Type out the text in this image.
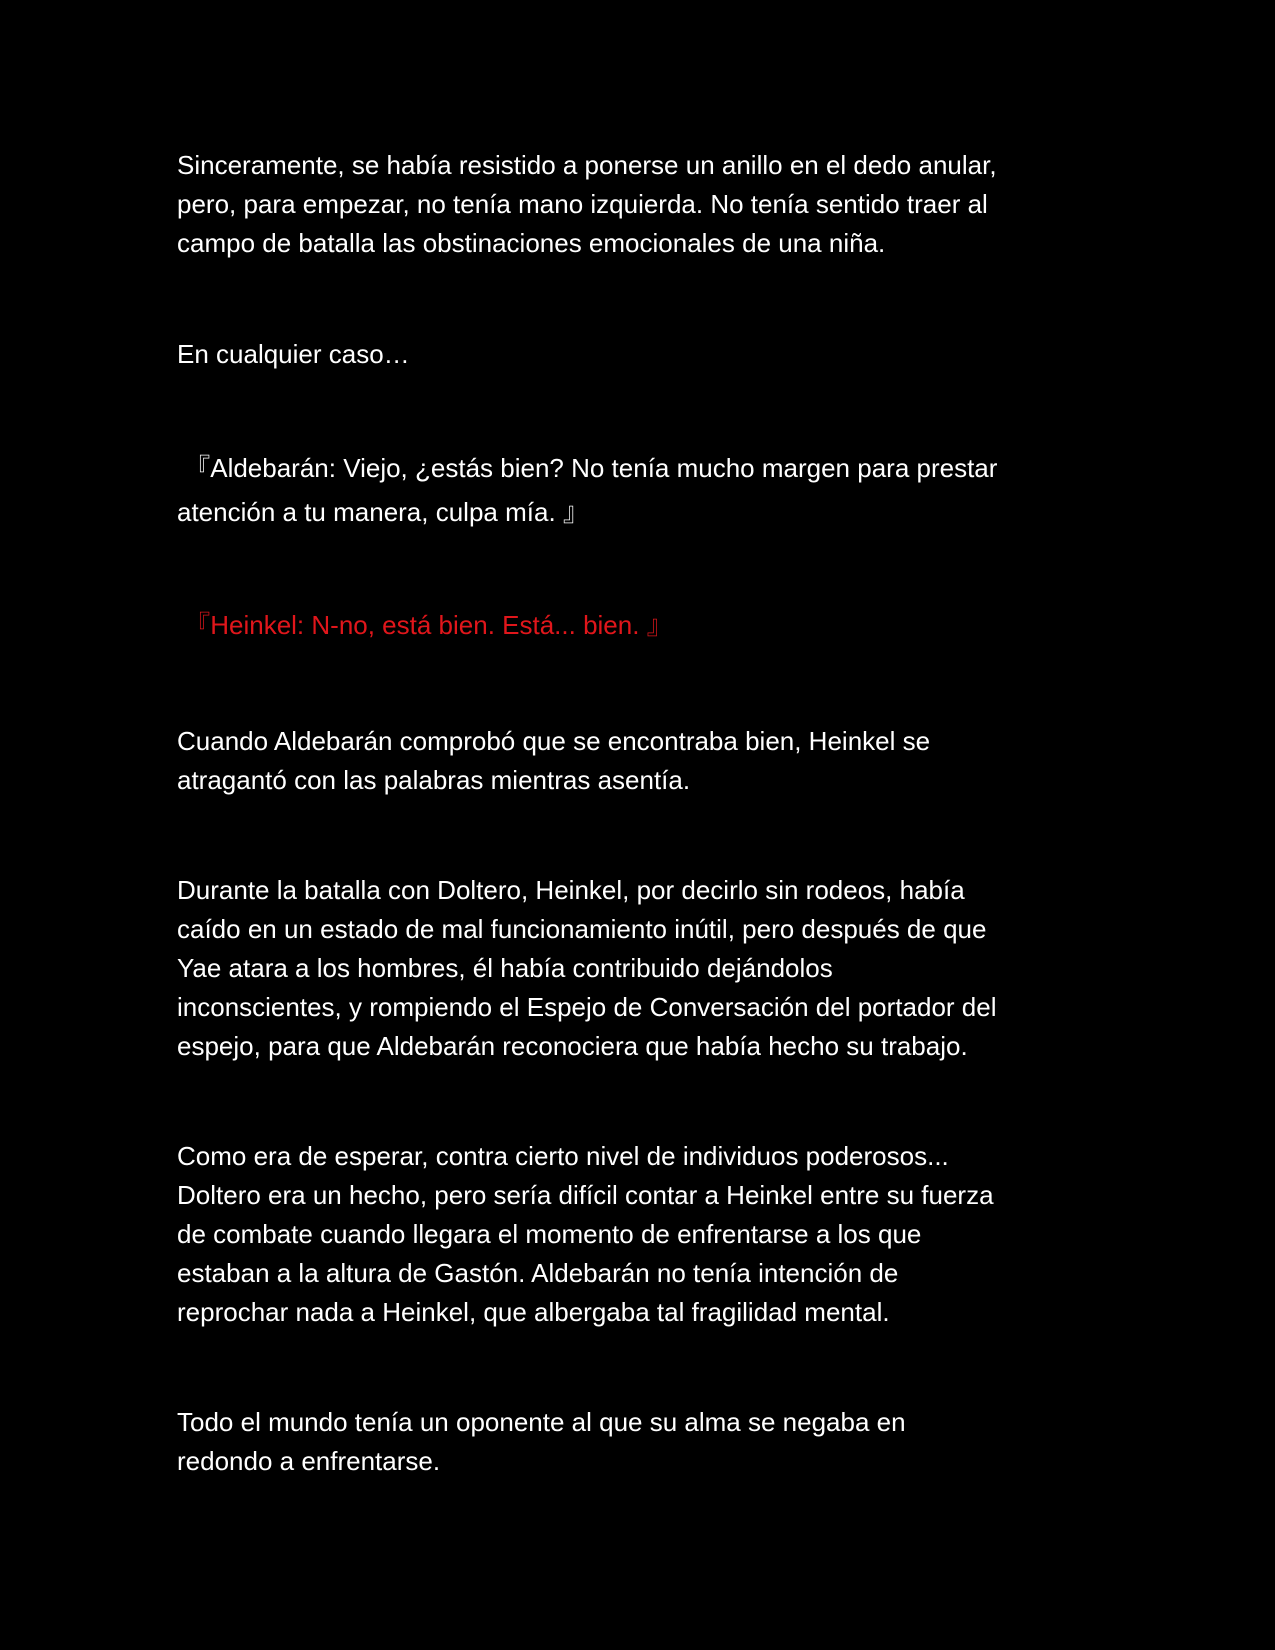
Sinceramente, se había resistido a ponerse un anillo en el dedo anular,
pero, para empezar, no tenía mano izquierda. No tenía sentido traer al
campo de batalla las obstinaciones emocionales de una niña.

En cualquier caso…

『Aldebarán: Viejo, ¿estás bien? No tenía mucho margen para prestar
atención a tu manera, culpa mía. 』

『Heinkel: N-no, está bien. Está... bien. 』

Cuando Aldebarán comprobó que se encontraba bien, Heinkel se
atragantó con las palabras mientras asentía.

Durante la batalla con Doltero, Heinkel, por decirlo sin rodeos, había
caído en un estado de mal funcionamiento inútil, pero después de que
Yae atara a los hombres, él había contribuido dejándolos
inconscientes, y rompiendo el Espejo de Conversación del portador del
espejo, para que Aldebarán reconociera que había hecho su trabajo.

Como era de esperar, contra cierto nivel de individuos poderosos...
Doltero era un hecho, pero sería difícil contar a Heinkel entre su fuerza
de combate cuando llegara el momento de enfrentarse a los que
estaban a la altura de Gastón. Aldebarán no tenía intención de
reprochar nada a Heinkel, que albergaba tal fragilidad mental.

Todo el mundo tenía un oponente al que su alma se negaba en
redondo a enfrentarse.
